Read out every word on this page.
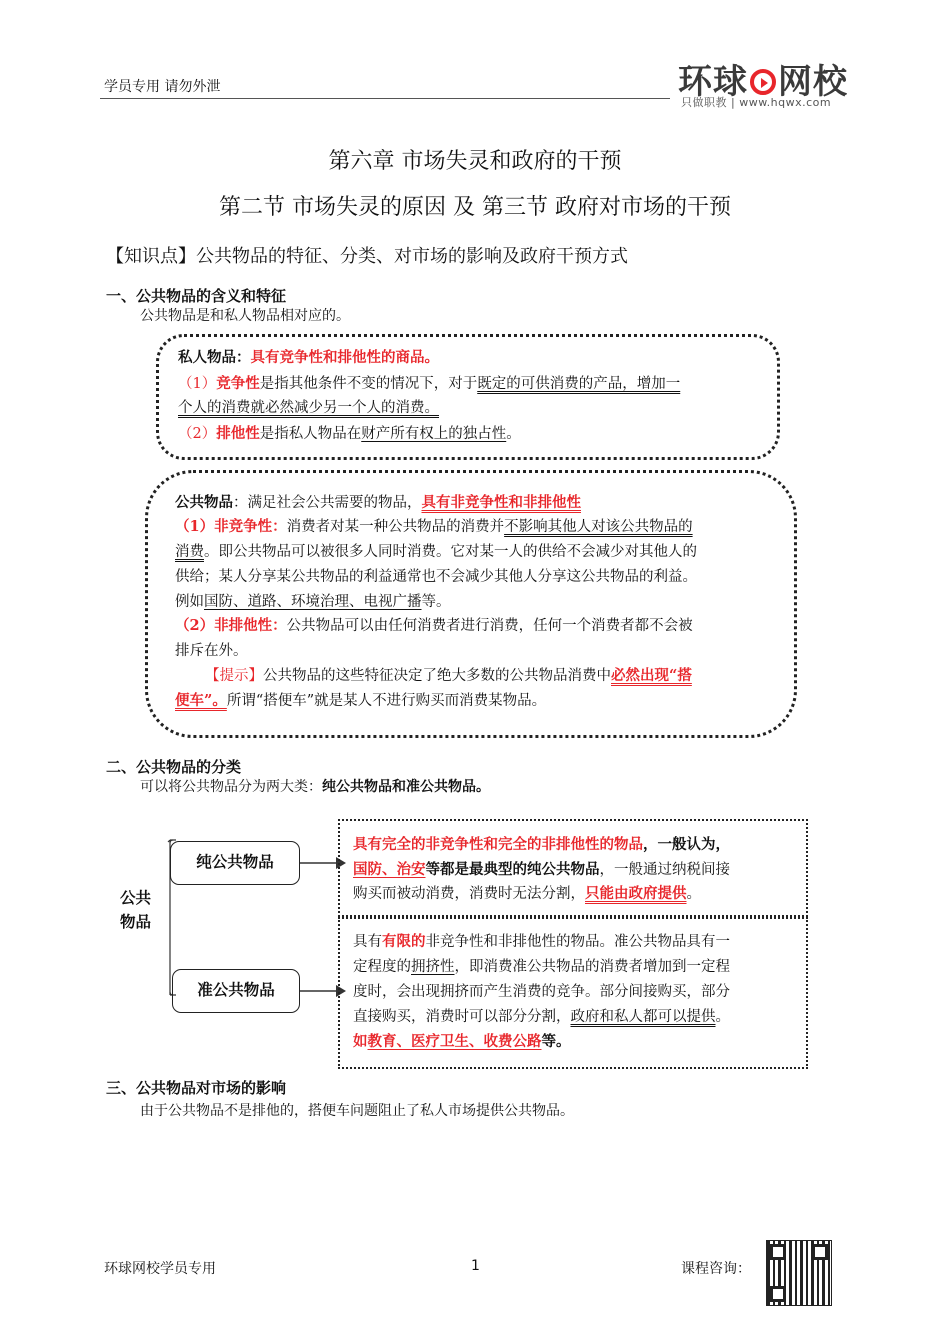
学员专用 请勿外泄	环球 网校
只做职教 | www.hqwx.com
第六章 市场失灵和政府的干预
第二节 市场失灵的原因 及 第三节 政府对市场的干预
【知识点】公共物品的特征、分类、对市场的影响及政府干预方式
一、公共物品的含义和特征
公共物品是和私人物品相对应的。
私人物品：具有竞争性和排他性的商品。
（1）竞争性是指其他条件不变的情况下，对于既定的可供消费的产品，增加一
个人的消费就必然减少另一个人的消费。
（2）排他性是指私人物品在财产所有权上的独占性。
公共物品：满足社会公共需要的物品，具有非竞争性和非排他性
（1）非竞争性：消费者对某一种公共物品的消费并不影响其他人对该公共物品的
消费。即公共物品可以被很多人同时消费。它对某一人的供给不会减少对其他人的
供给；某人分享某公共物品的利益通常也不会减少其他人分享这公共物品的利益。
例如国防、道路、环境治理、电视广播等。
（2）非排他性：公共物品可以由任何消费者进行消费，任何一个消费者都不会被
排斥在外。
【提示】公共物品的这些特征决定了绝大多数的公共物品消费中必然出现“搭
便车”。所谓“搭便车”就是某人不进行购买而消费某物品。
二、公共物品的分类
可以将公共物品分为两大类：纯公共物品和准公共物品。
公共
物品
纯公共物品
准公共物品
具有完全的非竞争性和完全的非排他性的物品，一般认为，
国防、治安等都是最典型的纯公共物品，一般通过纳税间接
购买而被动消费，消费时无法分割，只能由政府提供。
具有有限的非竞争性和非排他性的物品。准公共物品具有一
定程度的拥挤性，即消费准公共物品的消费者增加到一定程
度时，会出现拥挤而产生消费的竞争。部分间接购买，部分
直接购买，消费时可以部分分割，政府和私人都可以提供。
如教育、医疗卫生、收费公路等。
三、公共物品对市场的影响
由于公共物品不是排他的，搭便车问题阻止了私人市场提供公共物品。
环球网校学员专用	1	课程咨询：
